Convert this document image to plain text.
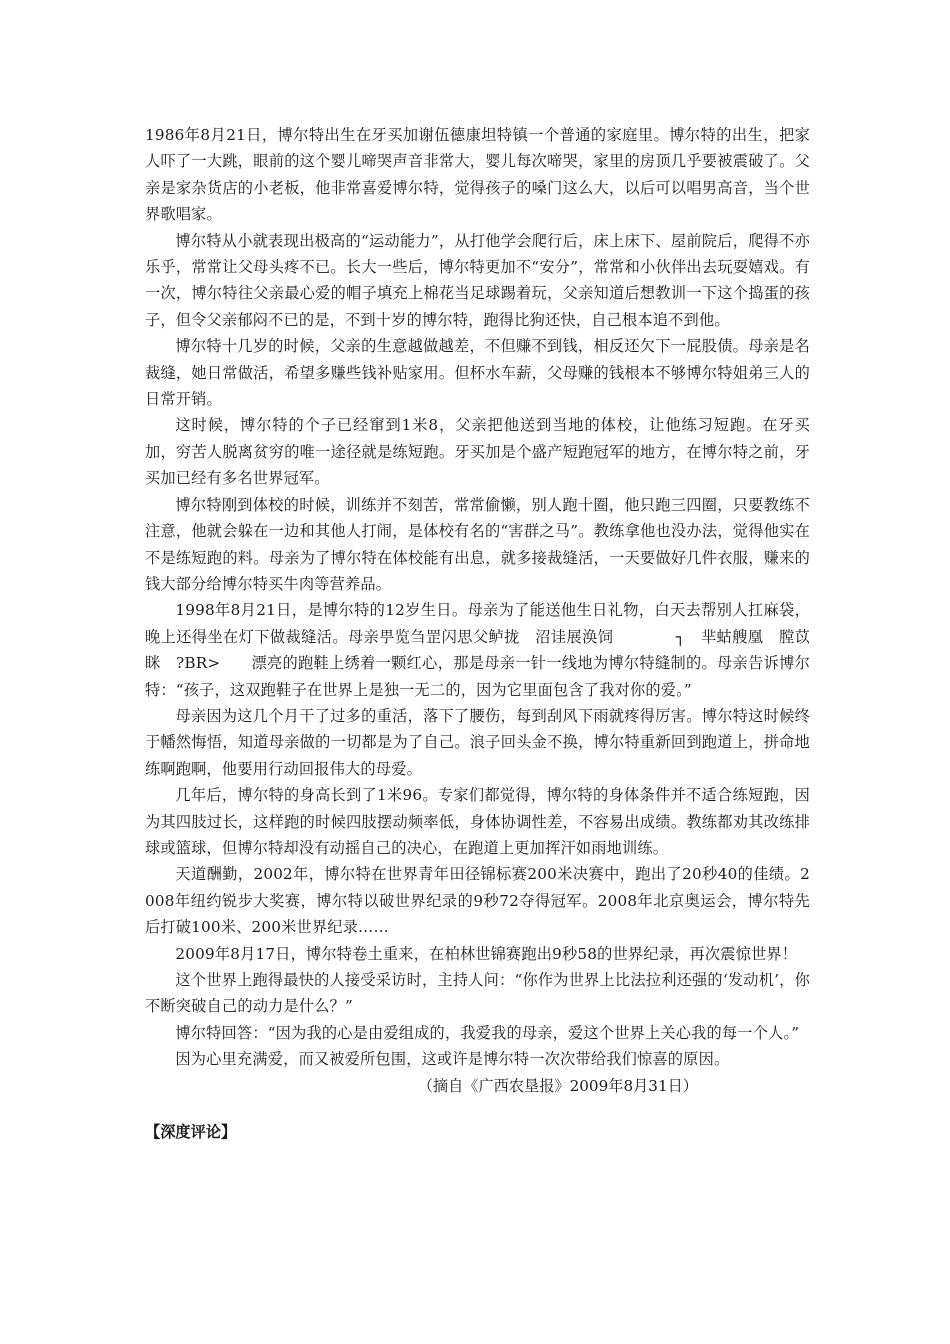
1986年8月21日，博尔特出生在牙买加谢伍德康坦特镇一个普通的家庭里。博尔特的出生，把家人吓了一大跳，眼前的这个婴儿啼哭声音非常大，婴儿每次啼哭，家里的房顶几乎要被震破了。父亲是家杂货店的小老板，他非常喜爱博尔特，觉得孩子的嗓门这么大，以后可以唱男高音，当个世界歌唱家。

博尔特从小就表现出极高的“运动能力”，从打他学会爬行后，床上床下、屋前院后，爬得不亦乐乎，常常让父母头疼不已。长大一些后，博尔特更加不“安分”，常常和小伙伴出去玩耍嬉戏。有一次，博尔特往父亲最心爱的帽子填充上棉花当足球踢着玩，父亲知道后想教训一下这个捣蛋的孩子，但令父亲郁闷不已的是，不到十岁的博尔特，跑得比狗还快，自己根本追不到他。

博尔特十几岁的时候，父亲的生意越做越差，不但赚不到钱，相反还欠下一屁股债。母亲是名裁缝，她日常做活，希望多赚些钱补贴家用。但杯水车薪，父母赚的钱根本不够博尔特姐弟三人的日常开销。

这时候，博尔特的个子已经窜到1米8，父亲把他送到当地的体校，让他练习短跑。在牙买加，穷苦人脱离贫穷的唯一途径就是练短跑。牙买加是个盛产短跑冠军的地方，在博尔特之前，牙买加已经有多名世界冠军。

博尔特刚到体校的时候，训练并不刻苦，常常偷懒，别人跑十圈，他只跑三四圈，只要教练不注意，他就会躲在一边和其他人打闹，是体校有名的“害群之马”。教练拿他也没办法，觉得他实在不是练短跑的料。母亲为了博尔特在体校能有出息，就多接裁缝活，一天要做好几件衣服，赚来的钱大部分给博尔特买牛肉等营养品。

1998年8月21日，是博尔特的12岁生日。母亲为了能送他生日礼物，白天去帮别人扛麻袋，晚上还得坐在灯下做裁缝活。母亲甼览刍罡闪思父鲈拢　沼诖展涣饲　　　　┐　芈蛄艘凰　膛苡眯　?BR>　　漂亮的跑鞋上绣着一颗红心，那是母亲一针一线地为博尔特缝制的。母亲告诉博尔特：“孩子，这双跑鞋子在世界上是独一无二的，因为它里面包含了我对你的爱。”

母亲因为这几个月干了过多的重活，落下了腰伤，每到刮风下雨就疼得厉害。博尔特这时候终于幡然悔悟，知道母亲做的一切都是为了自己。浪子回头金不换，博尔特重新回到跑道上，拼命地练啊跑啊，他要用行动回报伟大的母爱。

几年后，博尔特的身高长到了1米96。专家们都觉得，博尔特的身体条件并不适合练短跑，因为其四肢过长，这样跑的时候四肢摆动频率低，身体协调性差，不容易出成绩。教练都劝其改练排球或篮球，但博尔特却没有动摇自己的决心，在跑道上更加挥汗如雨地训练。

天道酬勤，2002年，博尔特在世界青年田径锦标赛200米决赛中，跑出了20秒40的佳绩。2008年纽约锐步大奖赛，博尔特以破世界纪录的9秒72夺得冠军。2008年北京奥运会，博尔特先后打破100米、200米世界纪录……

2009年8月17日，博尔特卷土重来，在柏林世锦赛跑出9秒58的世界纪录，再次震惊世界！

这个世界上跑得最快的人接受采访时，主持人问：“你作为世界上比法拉利还强的‘发动机’，你不断突破自己的动力是什么？”

博尔特回答：“因为我的心是由爱组成的，我爱我的母亲，爱这个世界上关心我的每一个人。”

因为心里充满爱，而又被爱所包围，这或许是博尔特一次次带给我们惊喜的原因。

（摘自《广西农垦报》2009年8月31日）

【深度评论】
